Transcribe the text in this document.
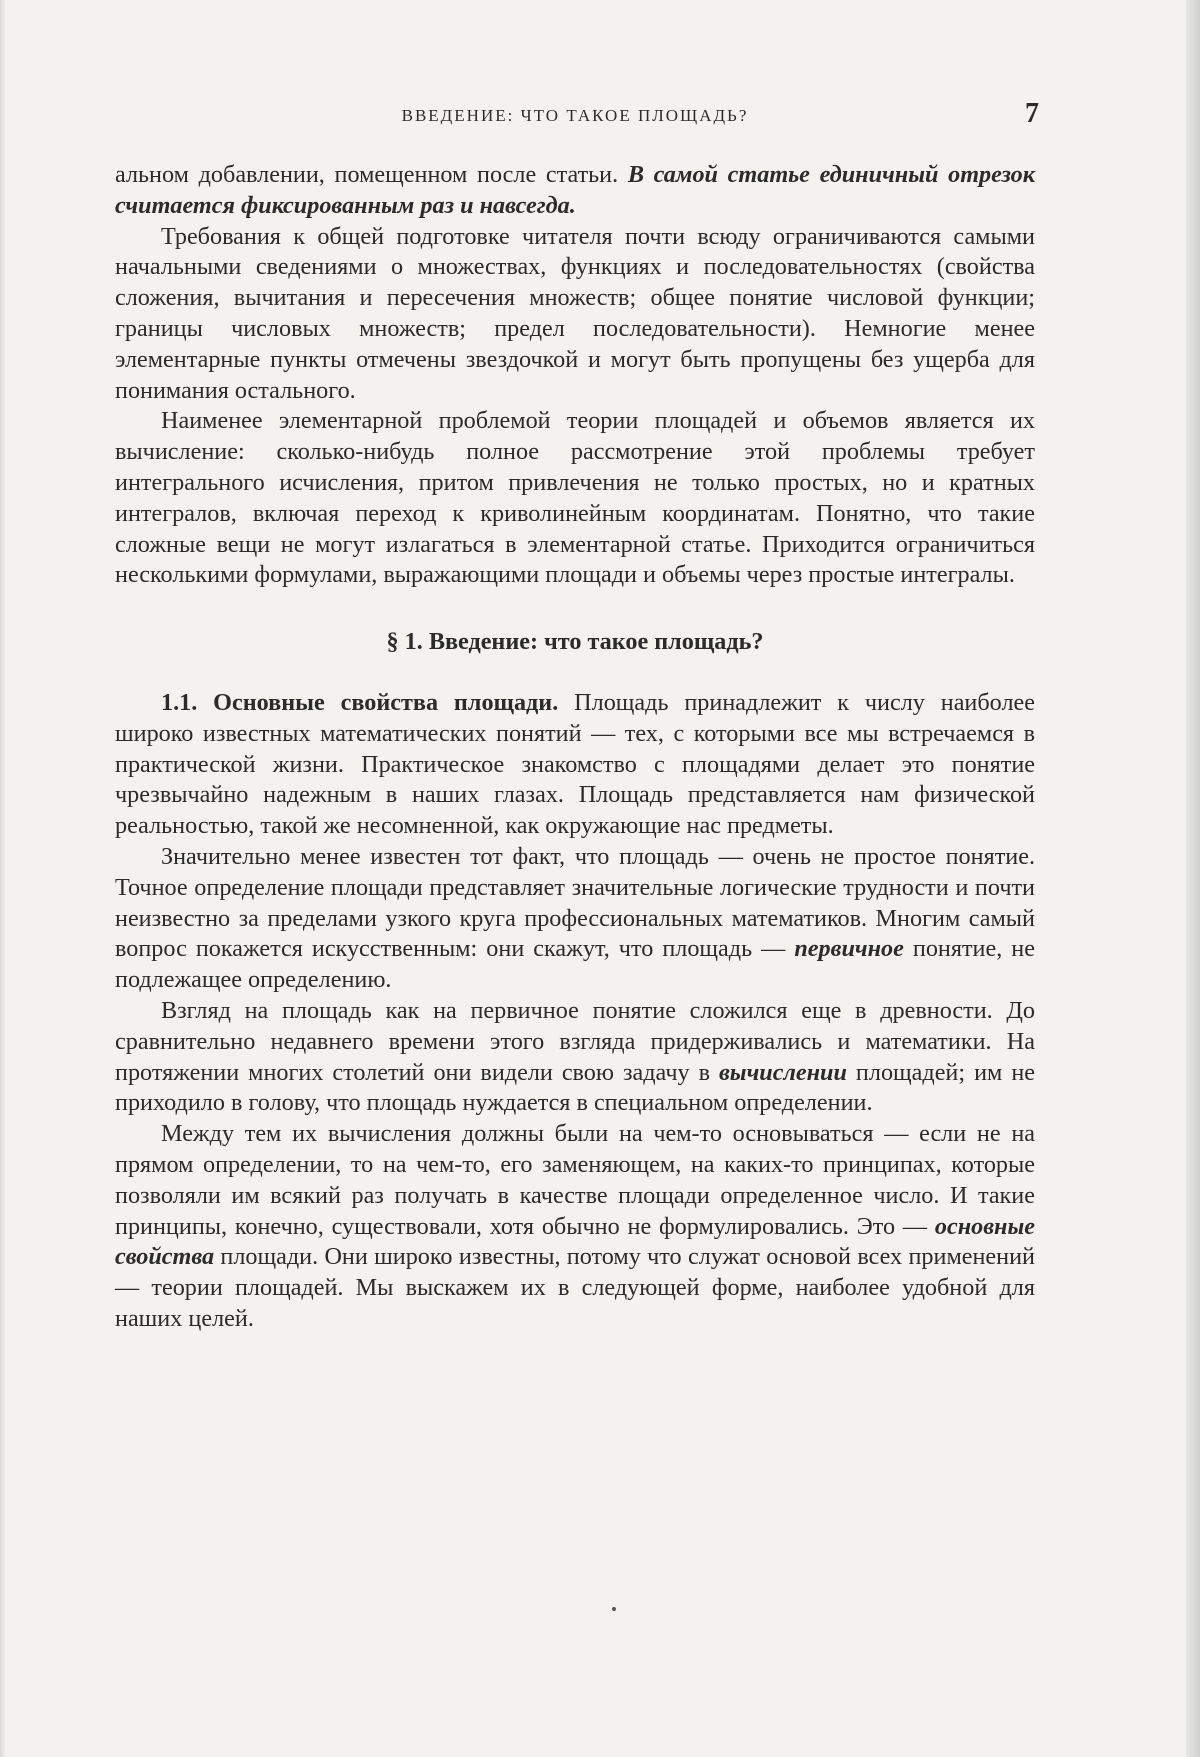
ВВЕДЕНИЕ: ЧТО ТАКОЕ ПЛОЩАДЬ?	7

альном добавлении, помещенном после статьи. В самой статье единичный отрезок считается фиксированным раз и навсегда.

Требования к общей подготовке читателя почти всюду ограничиваются самыми начальными сведениями о множествах, функциях и последовательностях (свойства сложения, вычитания и пересечения множеств; общее понятие числовой функции; границы числовых множеств; предел последовательности). Немногие менее элементарные пункты отмечены звездочкой и могут быть пропущены без ущерба для понимания остального.

Наименее элементарной проблемой теории площадей и объемов является их вычисление: сколько-нибудь полное рассмотрение этой проблемы требует интегрального исчисления, притом привлечения не только простых, но и кратных интегралов, включая переход к криволинейным координатам. Понятно, что такие сложные вещи не могут излагаться в элементарной статье. Приходится ограничиться несколькими формулами, выражающими площади и объемы через простые интегралы.

§ 1. Введение: что такое площадь?

1.1. Основные свойства площади. Площадь принадлежит к числу наиболее широко известных математических понятий — тех, с которыми все мы встречаемся в практической жизни. Практическое знакомство с площадями делает это понятие чрезвычайно надежным в наших глазах. Площадь представляется нам физической реальностью, такой же несомненной, как окружающие нас предметы.

Значительно менее известен тот факт, что площадь — очень не простое понятие. Точное определение площади представляет значительные логические трудности и почти неизвестно за пределами узкого круга профессиональных математиков. Многим самый вопрос покажется искусственным: они скажут, что площадь — первичное понятие, не подлежащее определению.

Взгляд на площадь как на первичное понятие сложился еще в древности. До сравнительно недавнего времени этого взгляда придерживались и математики. На протяжении многих столетий они видели свою задачу в вычислении площадей; им не приходило в голову, что площадь нуждается в специальном определении.

Между тем их вычисления должны были на чем-то основываться — если не на прямом определении, то на чем-то, его заменяющем, на каких-то принципах, которые позволяли им всякий раз получать в качестве площади определенное число. И такие принципы, конечно, существовали, хотя обычно не формулировались. Это — основные свойства площади. Они широко известны, потому что служат основой всех применений — теории площадей. Мы выскажем их в следующей форме, наиболее удобной для наших целей.
